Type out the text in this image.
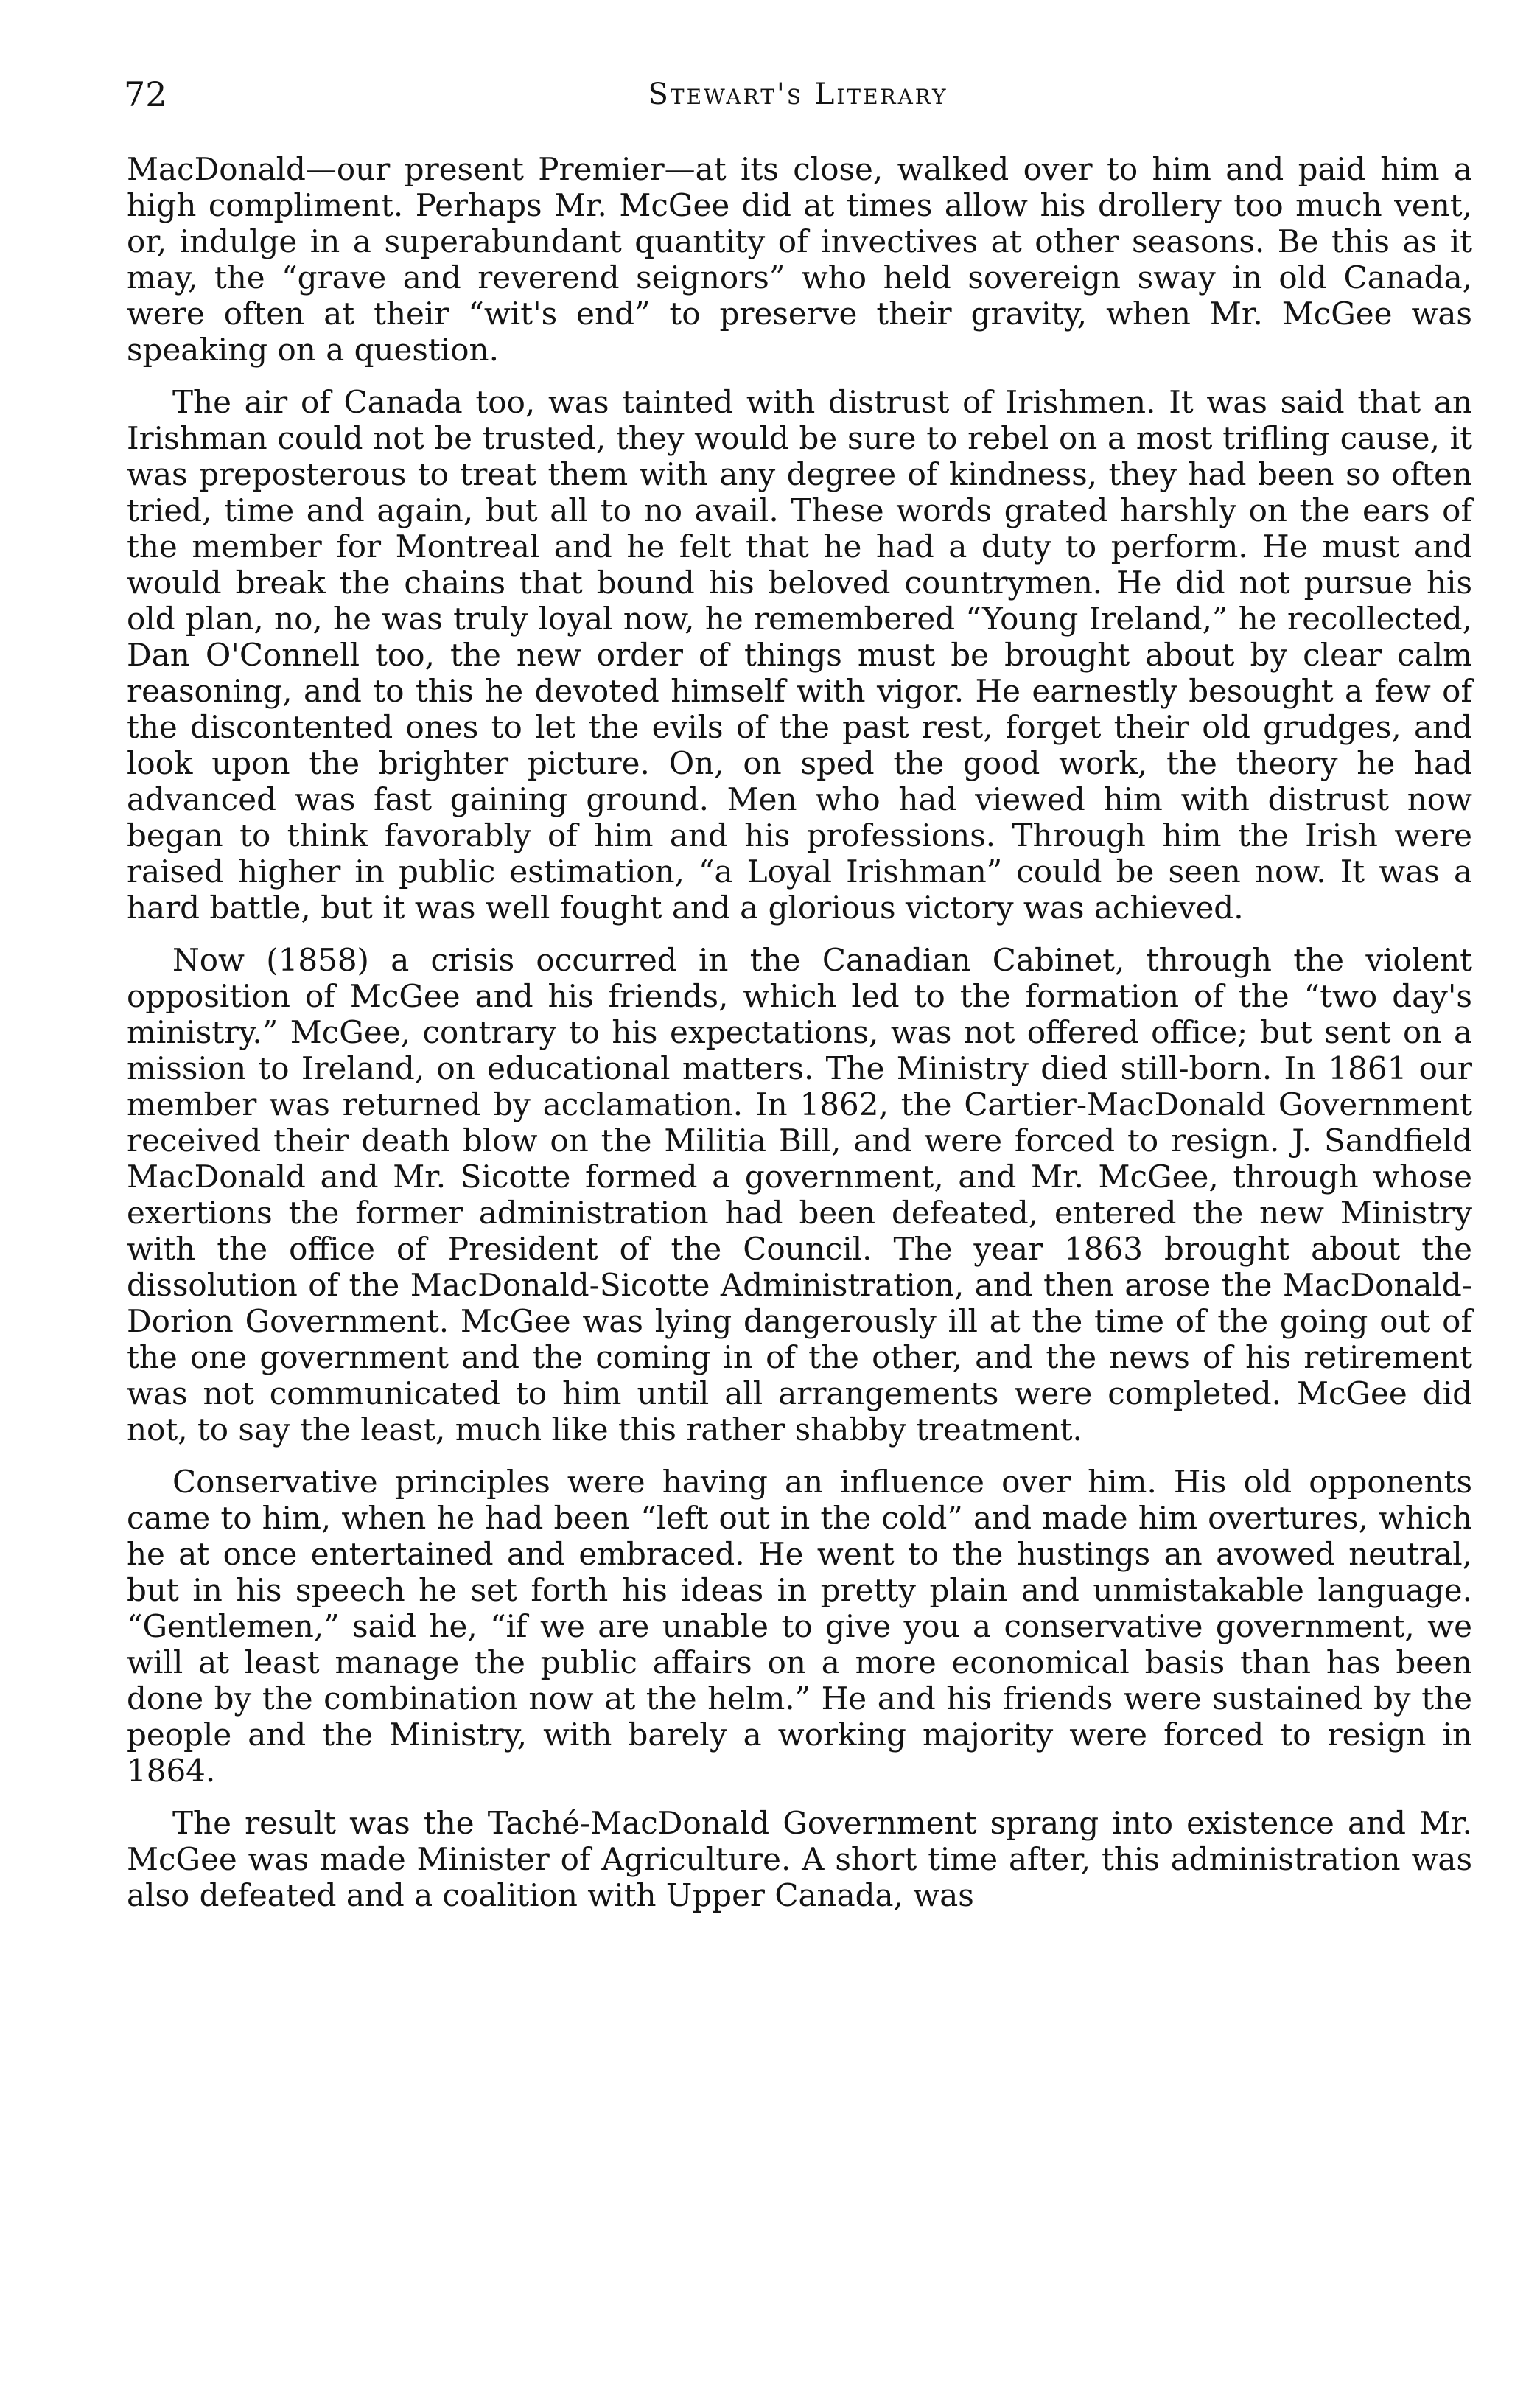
72	Stewart's Literary

MacDonald—our present Premier—at its close, walked over to him and paid him a high compliment. Perhaps Mr. McGee did at times allow his drollery too much vent, or, indulge in a superabundant quantity of invectives at other seasons. Be this as it may, the “grave and reverend seignors” who held sovereign sway in old Canada, were often at their “wit's end” to preserve their gravity, when Mr. McGee was speaking on a question.

The air of Canada too, was tainted with distrust of Irishmen. It was said that an Irishman could not be trusted, they would be sure to rebel on a most trifling cause, it was preposterous to treat them with any degree of kindness, they had been so often tried, time and again, but all to no avail. These words grated harshly on the ears of the member for Montreal and he felt that he had a duty to perform. He must and would break the chains that bound his beloved countrymen. He did not pursue his old plan, no, he was truly loyal now, he remembered “Young Ireland,” he recollected, Dan O'Connell too, the new order of things must be brought about by clear calm reasoning, and to this he devoted himself with vigor. He earnestly besought a few of the discontented ones to let the evils of the past rest, forget their old grudges, and look upon the brighter picture. On, on sped the good work, the theory he had advanced was fast gaining ground. Men who had viewed him with distrust now began to think favorably of him and his professions. Through him the Irish were raised higher in public estimation, “a Loyal Irishman” could be seen now. It was a hard battle, but it was well fought and a glorious victory was achieved.

Now (1858) a crisis occurred in the Canadian Cabinet, through the violent opposition of McGee and his friends, which led to the formation of the “two day's ministry.” McGee, contrary to his expectations, was not offered office; but sent on a mission to Ireland, on educational matters. The Ministry died still-born. In 1861 our member was returned by acclamation. In 1862, the Cartier-MacDonald Government received their death blow on the Militia Bill, and were forced to resign. J. Sandfield MacDonald and Mr. Sicotte formed a government, and Mr. McGee, through whose exertions the former administration had been defeated, entered the new Ministry with the office of President of the Council. The year 1863 brought about the dissolution of the MacDonald-Sicotte Administration, and then arose the MacDonald-Dorion Government. McGee was lying dangerously ill at the time of the going out of the one government and the coming in of the other, and the news of his retirement was not communicated to him until all arrangements were completed. McGee did not, to say the least, much like this rather shabby treatment.

Conservative principles were having an influence over him. His old opponents came to him, when he had been “left out in the cold” and made him overtures, which he at once entertained and embraced. He went to the hustings an avowed neutral, but in his speech he set forth his ideas in pretty plain and unmistakable language. “Gentlemen,” said he, “if we are unable to give you a conservative government, we will at least manage the public affairs on a more economical basis than has been done by the combination now at the helm.” He and his friends were sustained by the people and the Ministry, with barely a working majority were forced to resign in 1864.

The result was the Taché-MacDonald Government sprang into existence and Mr. McGee was made Minister of Agriculture. A short time after, this administration was also defeated and a coalition with Upper Canada, was
